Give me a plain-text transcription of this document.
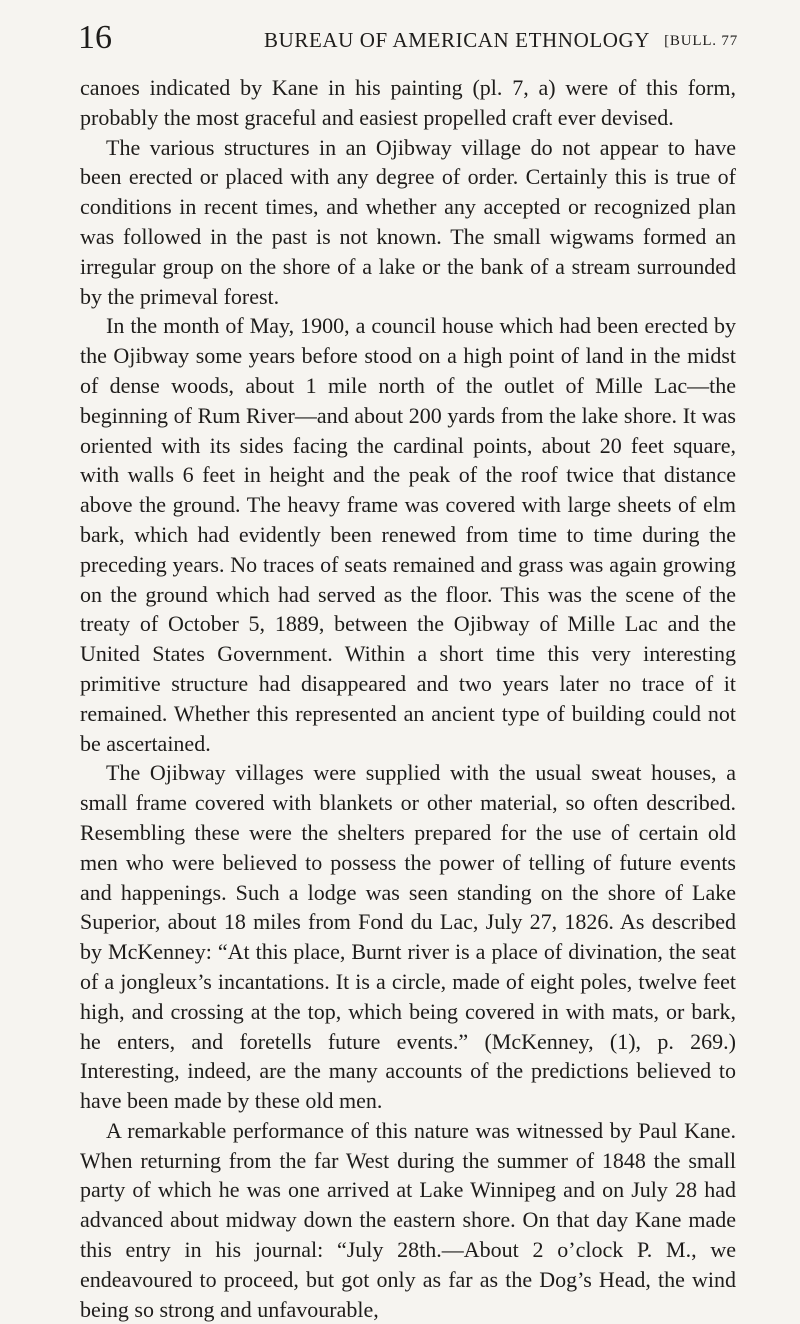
16	BUREAU OF AMERICAN ETHNOLOGY [BULL. 77

canoes indicated by Kane in his painting (pl. 7, a) were of this form, probably the most graceful and easiest propelled craft ever devised.

The various structures in an Ojibway village do not appear to have been erected or placed with any degree of order. Certainly this is true of conditions in recent times, and whether any accepted or recognized plan was followed in the past is not known. The small wigwams formed an irregular group on the shore of a lake or the bank of a stream surrounded by the primeval forest.

In the month of May, 1900, a council house which had been erected by the Ojibway some years before stood on a high point of land in the midst of dense woods, about 1 mile north of the outlet of Mille Lac—the beginning of Rum River—and about 200 yards from the lake shore. It was oriented with its sides facing the cardinal points, about 20 feet square, with walls 6 feet in height and the peak of the roof twice that distance above the ground. The heavy frame was covered with large sheets of elm bark, which had evidently been renewed from time to time during the preceding years. No traces of seats remained and grass was again growing on the ground which had served as the floor. This was the scene of the treaty of October 5, 1889, between the Ojibway of Mille Lac and the United States Government. Within a short time this very interesting primitive structure had disappeared and two years later no trace of it remained. Whether this represented an ancient type of building could not be ascertained.

The Ojibway villages were supplied with the usual sweat houses, a small frame covered with blankets or other material, so often described. Resembling these were the shelters prepared for the use of certain old men who were believed to possess the power of telling of future events and happenings. Such a lodge was seen standing on the shore of Lake Superior, about 18 miles from Fond du Lac, July 27, 1826. As described by McKenney: “At this place, Burnt river is a place of divination, the seat of a jongleux’s incantations. It is a circle, made of eight poles, twelve feet high, and crossing at the top, which being covered in with mats, or bark, he enters, and foretells future events.” (McKenney, (1), p. 269.) Interesting, indeed, are the many accounts of the predictions believed to have been made by these old men.

A remarkable performance of this nature was witnessed by Paul Kane. When returning from the far West during the summer of 1848 the small party of which he was one arrived at Lake Winnipeg and on July 28 had advanced about midway down the eastern shore. On that day Kane made this entry in his journal: “July 28th.—About 2 o’clock P. M., we endeavoured to proceed, but got only as far as the Dog’s Head, the wind being so strong and unfavourable,
